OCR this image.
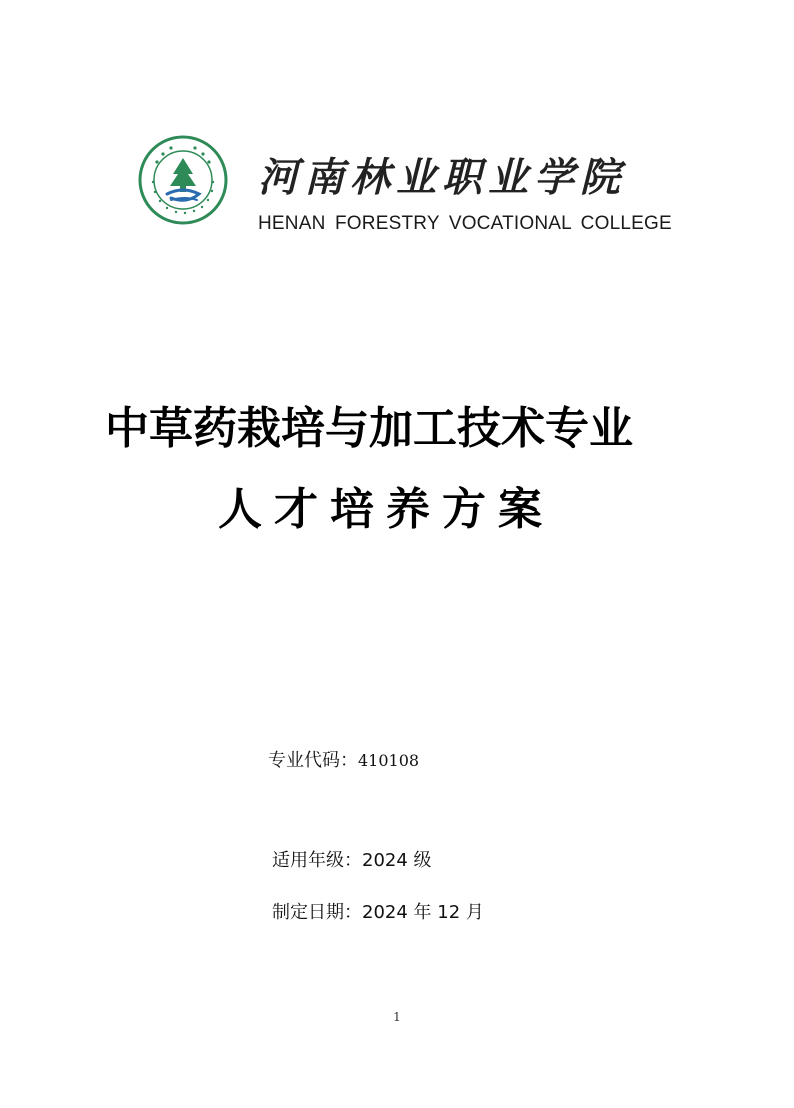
河南林业职业学院
HENAN FORESTRY VOCATIONAL COLLEGE
中草药栽培与加工技术专业
人才培养方案
专业代码：410108
适用年级：2024 级
制定日期：2024 年 12 月
1
